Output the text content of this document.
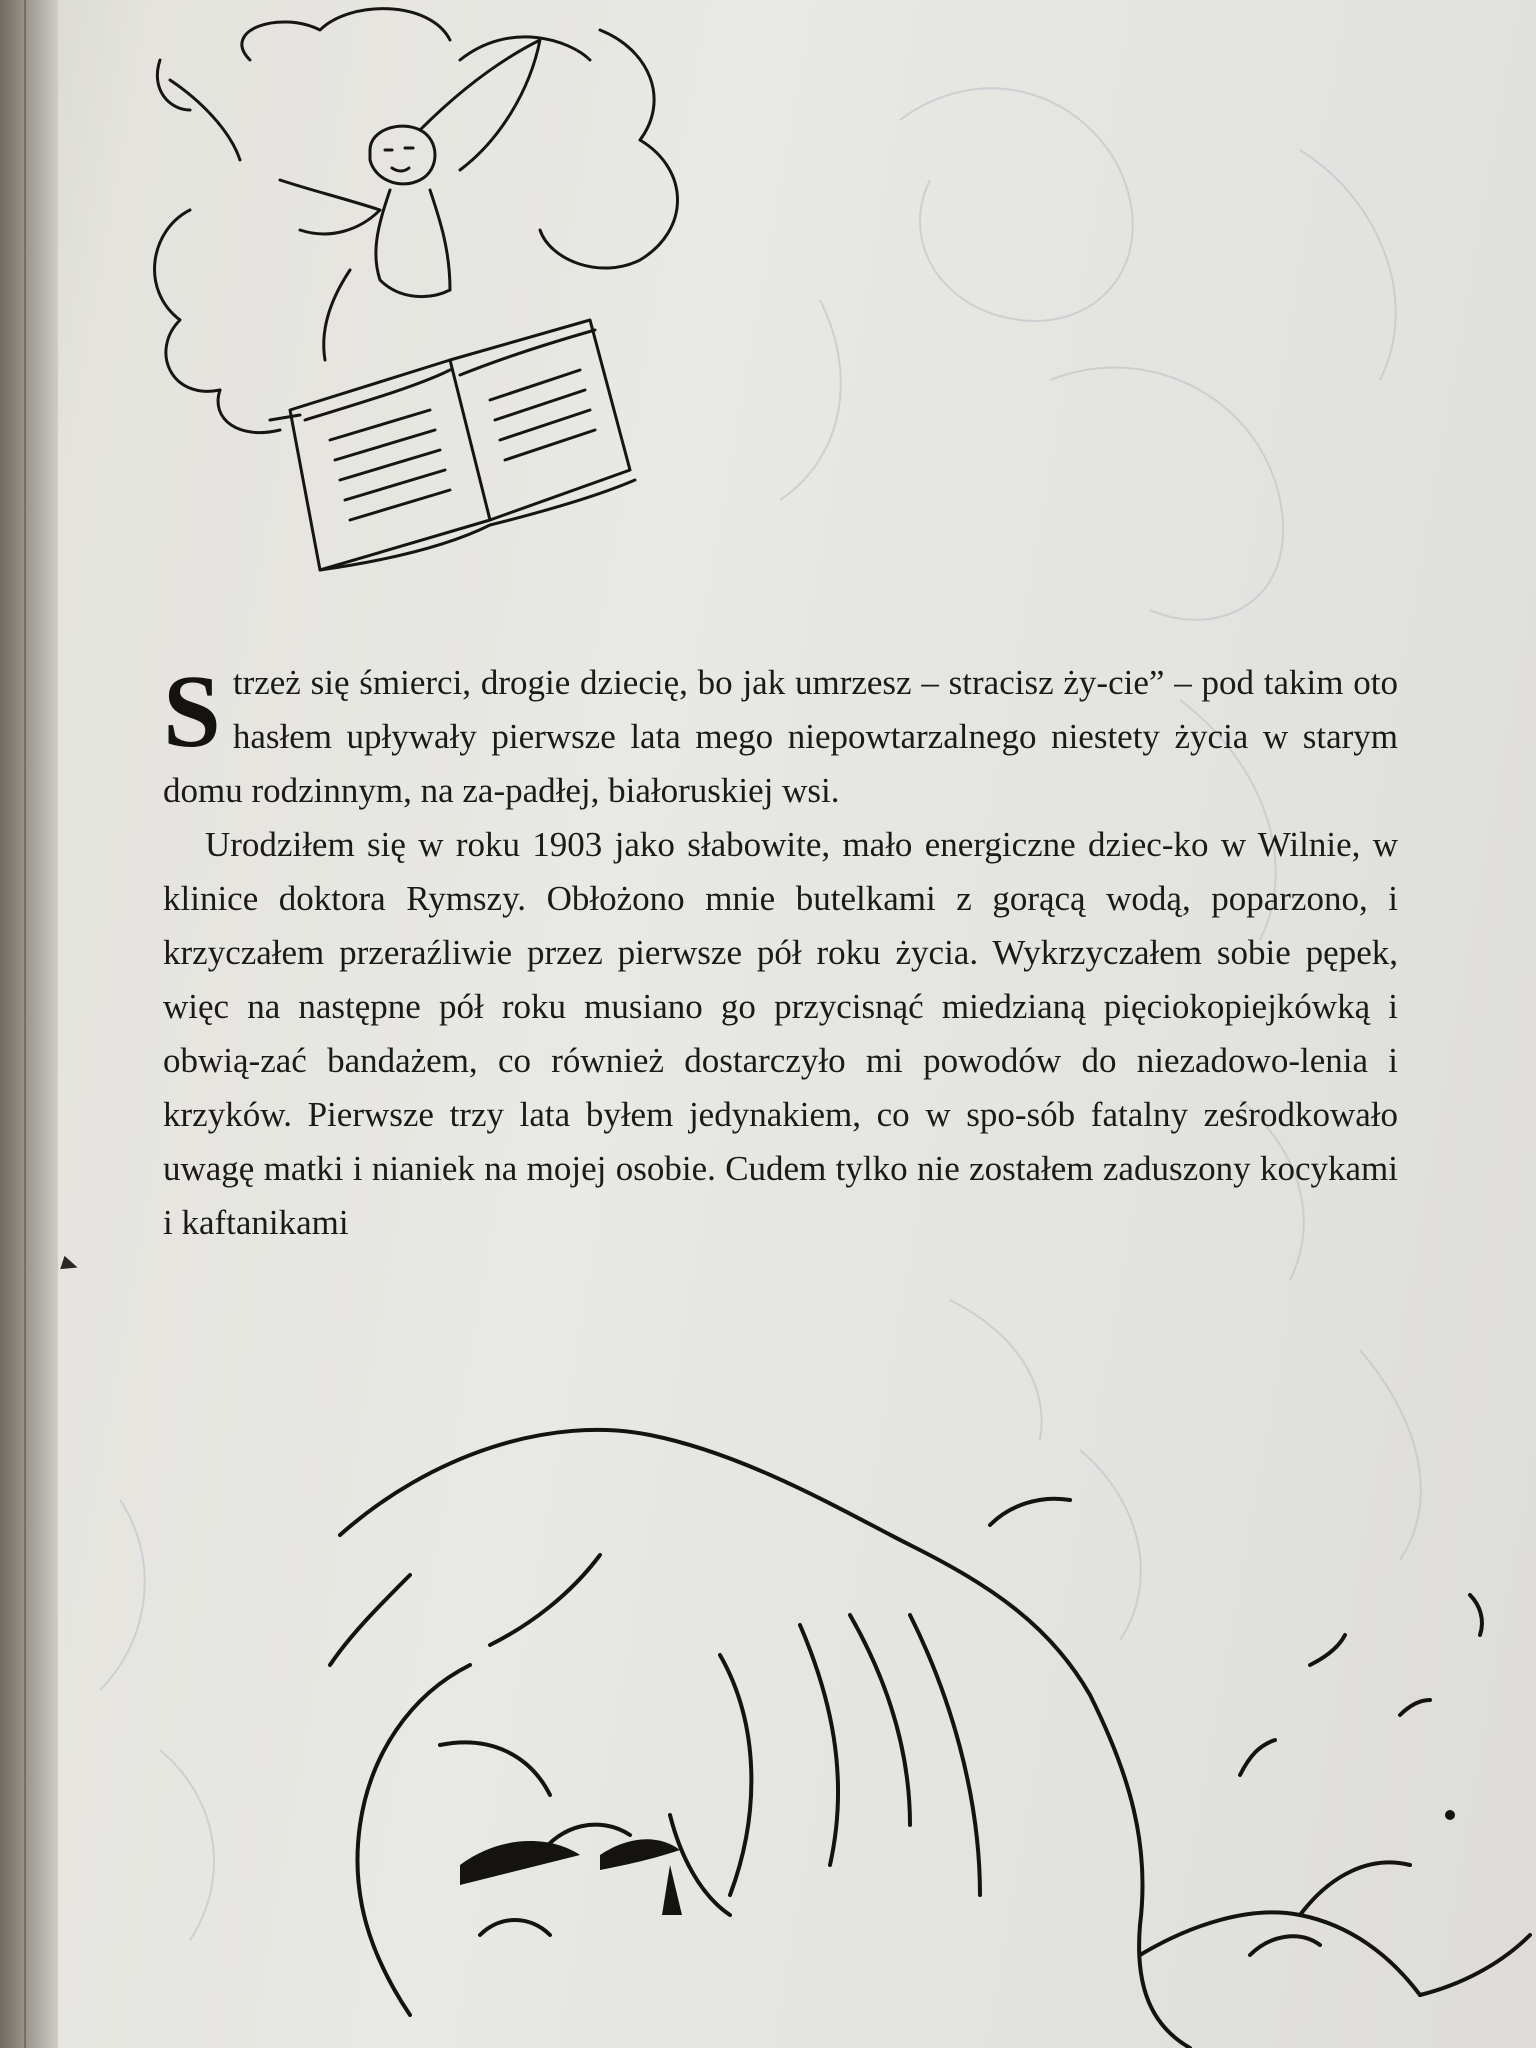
S trzeż się śmierci, drogie dziecię, bo jak umrzesz – stracisz ży-cie” – pod takim oto hasłem upływały pierwsze lata mego niepowtarzalnego niestety życia w starym domu rodzinnym, na za-padłej, białoruskiej wsi.

Urodziłem się w roku 1903 jako słabowite, mało energiczne dziec-ko w Wilnie, w klinice doktora Rymszy. Obłożono mnie butelkami z gorącą wodą, poparzono, i krzyczałem przeraźliwie przez pierwsze pół roku życia. Wykrzyczałem sobie pępek, więc na następne pół roku musiano go przycisnąć miedzianą pięciokopiejkówką i obwią-zać bandażem, co również dostarczyło mi powodów do niezadowo-lenia i krzyków. Pierwsze trzy lata byłem jedynakiem, co w spo-sób fatalny ześrodkowało uwagę matki i nianiek na mojej osobie. Cudem tylko nie zostałem zaduszony kocykami i kaftanikami
